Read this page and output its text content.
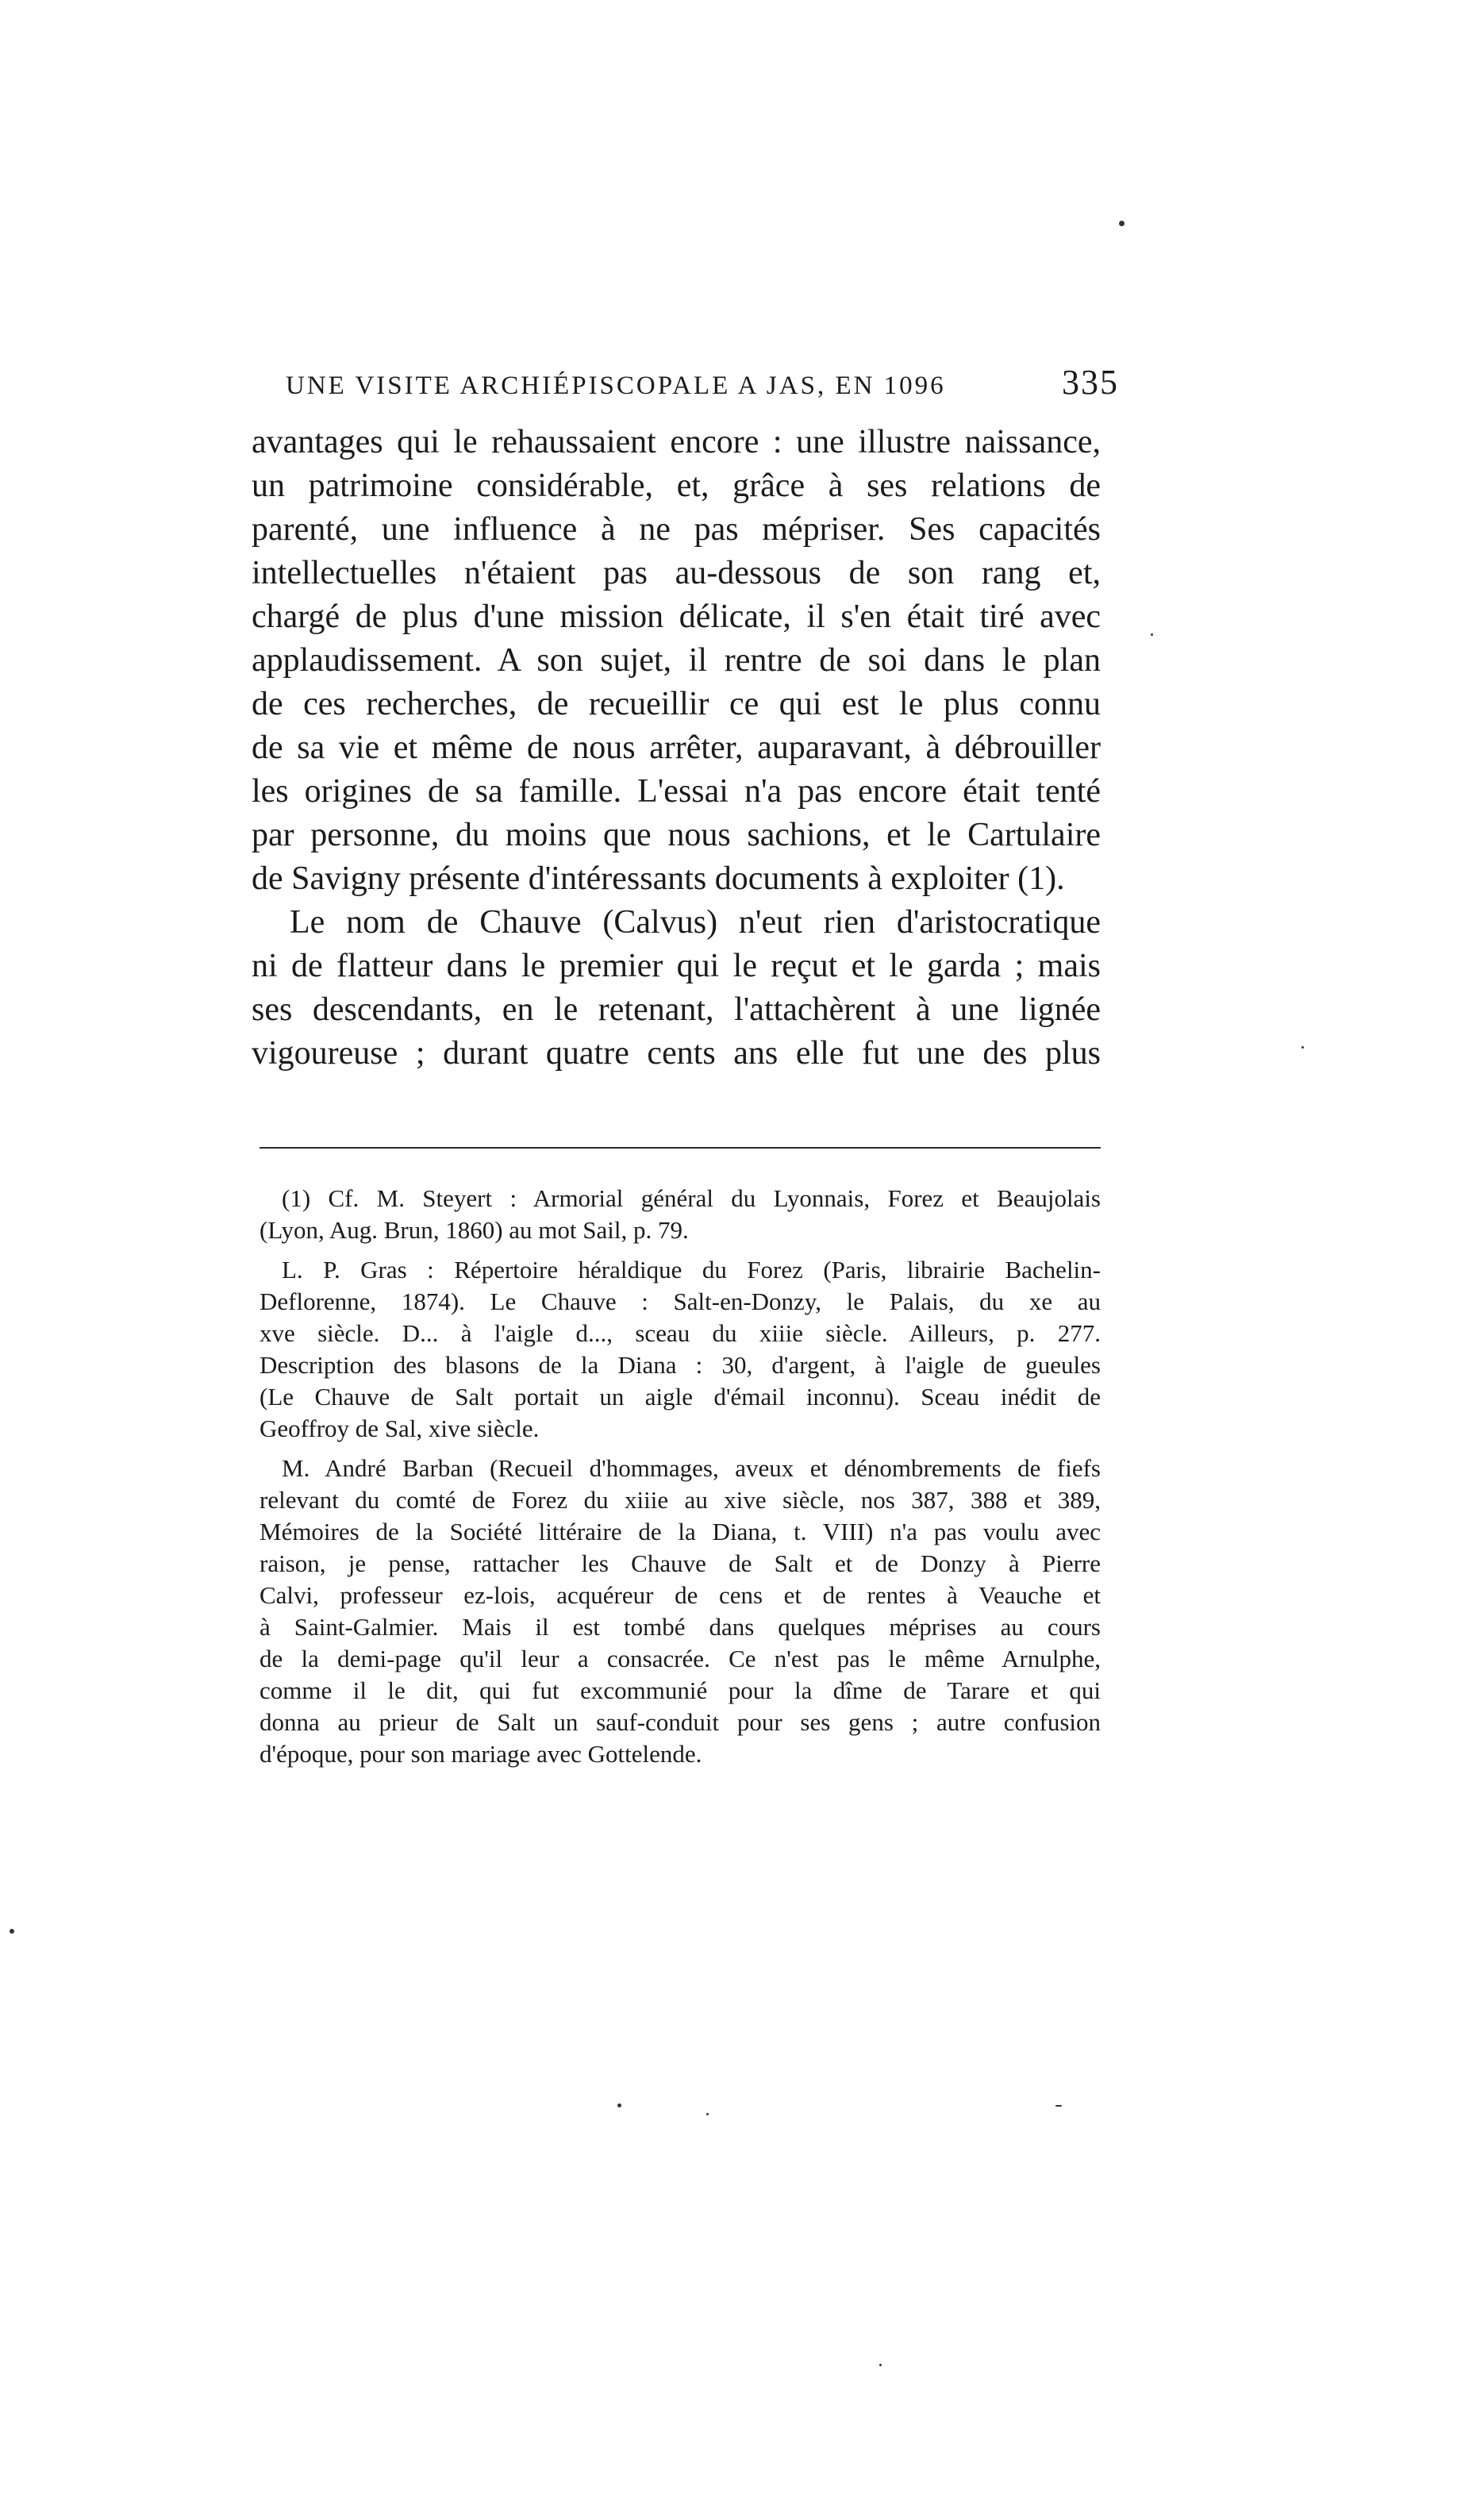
UNE VISITE ARCHIÉPISCOPALE A JAS, EN 1096	335
avantages qui le rehaussaient encore : une illustre naissance,
un patrimoine considérable, et, grâce à ses relations de
parenté, une influence à ne pas mépriser. Ses capacités
intellectuelles n'étaient pas au-dessous de son rang et,
chargé de plus d'une mission délicate, il s'en était tiré avec
applaudissement. A son sujet, il rentre de soi dans le plan
de ces recherches, de recueillir ce qui est le plus connu
de sa vie et même de nous arrêter, auparavant, à débrouiller
les origines de sa famille. L'essai n'a pas encore était tenté
par personne, du moins que nous sachions, et le Cartulaire
de Savigny présente d'intéressants documents à exploiter (1).
Le nom de Chauve (Calvus) n'eut rien d'aristocratique
ni de flatteur dans le premier qui le reçut et le garda ; mais
ses descendants, en le retenant, l'attachèrent à une lignée
vigoureuse ; durant quatre cents ans elle fut une des plus
(1) Cf. M. Steyert : Armorial général du Lyonnais, Forez et Beaujolais
(Lyon, Aug. Brun, 1860) au mot Sail, p. 79.
L. P. Gras : Répertoire héraldique du Forez (Paris, librairie Bachelin-
Deflorenne, 1874). Le Chauve : Salt-en-Donzy, le Palais, du xe au
xve siècle. D... à l'aigle d..., sceau du xiiie siècle. Ailleurs, p. 277.
Description des blasons de la Diana : 30, d'argent, à l'aigle de gueules
(Le Chauve de Salt portait un aigle d'émail inconnu). Sceau inédit de
Geoffroy de Sal, xive siècle.
M. André Barban (Recueil d'hommages, aveux et dénombrements de fiefs
relevant du comté de Forez du xiiie au xive siècle, nos 387, 388 et 389,
Mémoires de la Société littéraire de la Diana, t. VIII) n'a pas voulu avec
raison, je pense, rattacher les Chauve de Salt et de Donzy à Pierre
Calvi, professeur ez-lois, acquéreur de cens et de rentes à Veauche et
à Saint-Galmier. Mais il est tombé dans quelques méprises au cours
de la demi-page qu'il leur a consacrée. Ce n'est pas le même Arnulphe,
comme il le dit, qui fut excommunié pour la dîme de Tarare et qui
donna au prieur de Salt un sauf-conduit pour ses gens ; autre confusion
d'époque, pour son mariage avec Gottelende.
